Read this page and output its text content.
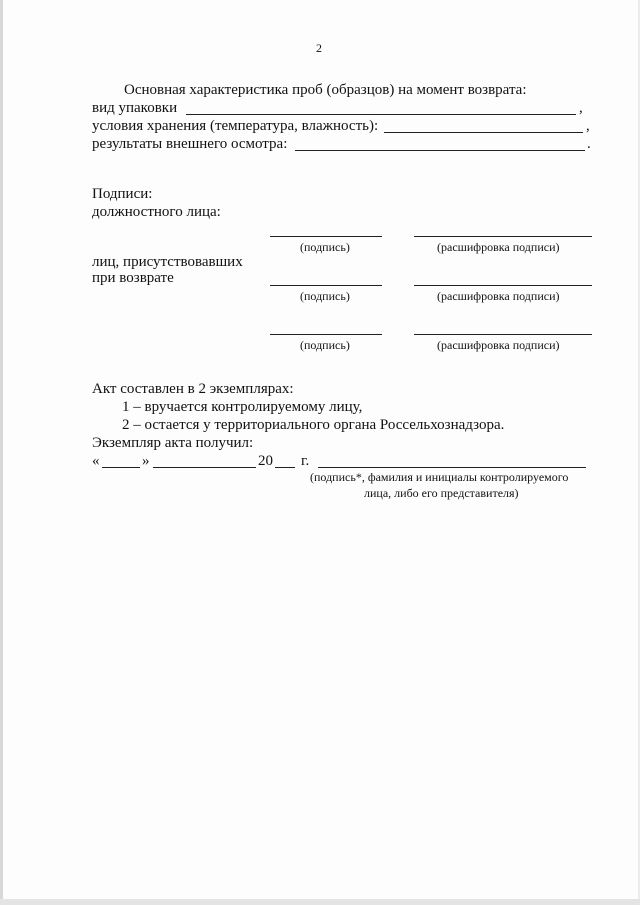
2
Основная характеристика проб (образцов) на момент возврата:
вид упаковки	,
условия хранения (температура, влажность):	,
результаты внешнего осмотра:	.
Подписи:
должностного лица:
(подпись)	(расшифровка подписи)
лиц, присутствовавших
при возврате
(подпись)	(расшифровка подписи)
(подпись)	(расшифровка подписи)
Акт составлен в 2 экземплярах:
1 – вручается контролируемому лицу,
2 – остается у территориального органа Россельхознадзора.
Экземпляр акта получил:
«	»	20 г.
(подпись*, фамилия и инициалы контролируемого
лица, либо его представителя)
